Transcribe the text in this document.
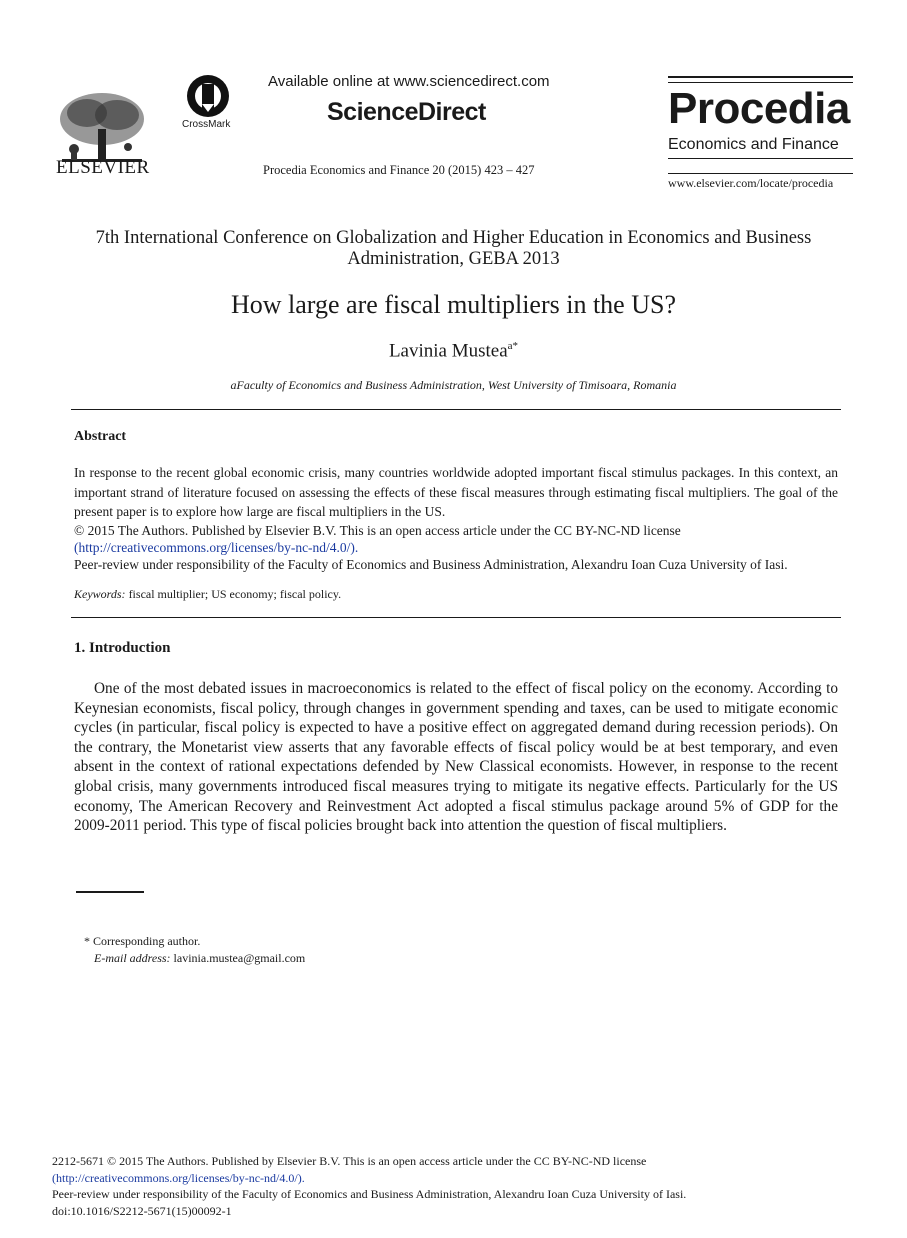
ELSEVIER
CrossMark
Available online at www.sciencedirect.com
ScienceDirect
Procedia Economics and Finance 20 (2015) 423 – 427
Procedia
Economics and Finance
www.elsevier.com/locate/procedia
7th International Conference on Globalization and Higher Education in Economics and Business
Administration, GEBA 2013
How large are fiscal multipliers in the US?
Lavinia Mustea$^{a*}$
aFaculty of Economics and Business Administration, West University of Timisoara, Romania
Abstract
In response to the recent global economic crisis, many countries worldwide adopted important fiscal stimulus packages. In this context, an important strand of literature focused on assessing the effects of these fiscal measures through estimating fiscal multipliers. The goal of the present paper is to explore how large are fiscal multipliers in the US.
© 2015 The Authors. Published by Elsevier B.V. This is an open access article under the CC BY-NC-ND license
(http://creativecommons.org/licenses/by-nc-nd/4.0/).
Peer-review under responsibility of the Faculty of Economics and Business Administration, Alexandru Ioan Cuza University of Iasi.
Keywords: fiscal multiplier; US economy; fiscal policy.
1. Introduction
One of the most debated issues in macroeconomics is related to the effect of fiscal policy on the economy. According to Keynesian economists, fiscal policy, through changes in government spending and taxes, can be used to mitigate economic cycles (in particular, fiscal policy is expected to have a positive effect on aggregated demand during recession periods). On the contrary, the Monetarist view asserts that any favorable effects of fiscal policy would be at best temporary, and even absent in the context of rational expectations defended by New Classical economists. However, in response to the recent global crisis, many governments introduced fiscal measures trying to mitigate its negative effects. Particularly for the US economy, The American Recovery and Reinvestment Act adopted a fiscal stimulus package around 5% of GDP for the 2009-2011 period. This type of fiscal policies brought back into attention the question of fiscal multipliers.
* Corresponding author.
E-mail address: lavinia.mustea@gmail.com
2212-5671 © 2015 The Authors. Published by Elsevier B.V. This is an open access article under the CC BY-NC-ND license
(http://creativecommons.org/licenses/by-nc-nd/4.0/).
Peer-review under responsibility of the Faculty of Economics and Business Administration, Alexandru Ioan Cuza University of Iasi.
doi:10.1016/S2212-5671(15)00092-1
